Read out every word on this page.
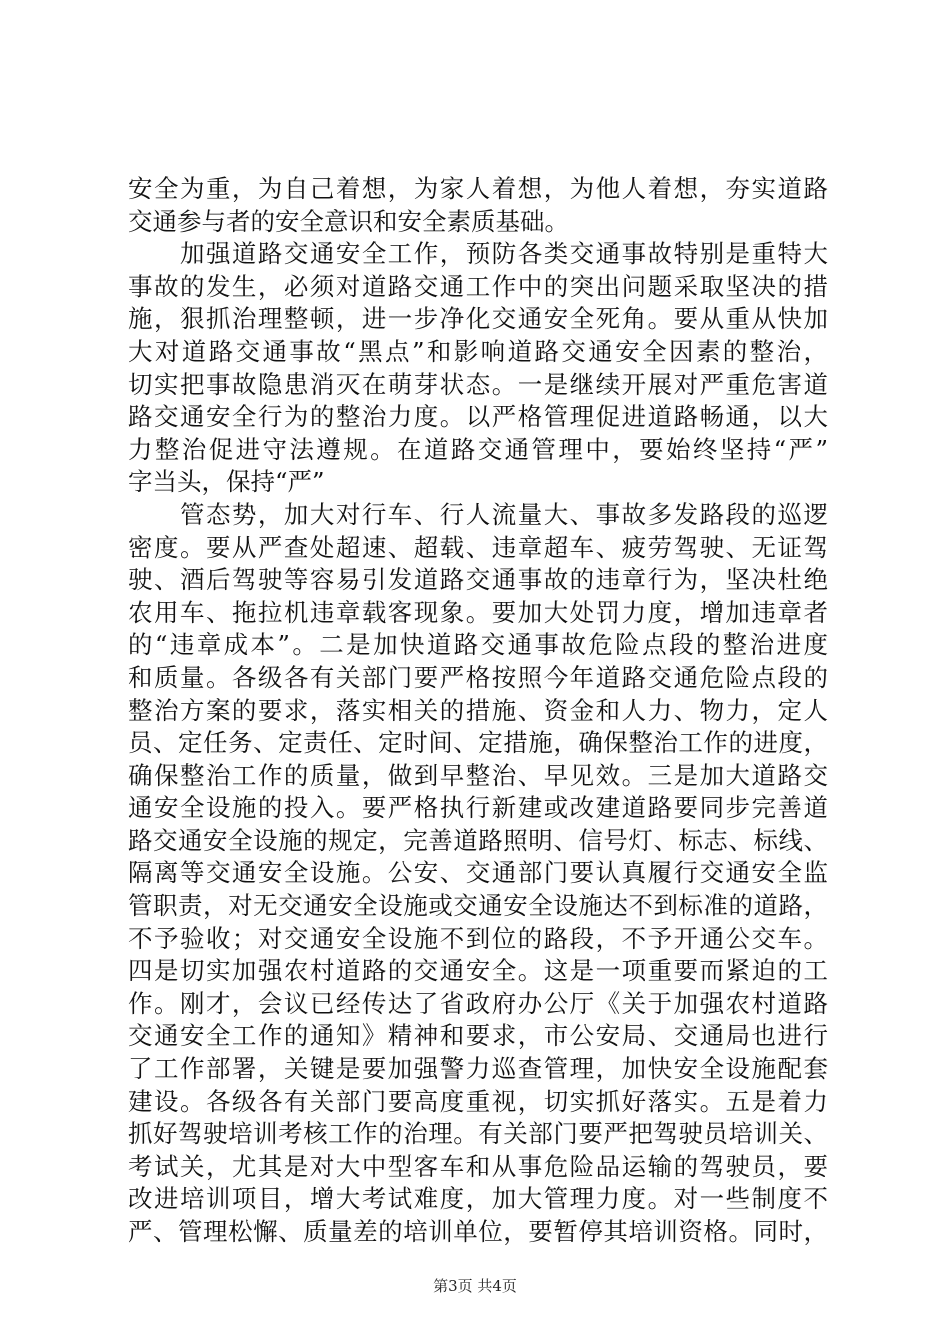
安全为重，为自己着想，为家人着想，为他人着想，夯实道路
交通参与者的安全意识和安全素质基础。
　　加强道路交通安全工作，预防各类交通事故特别是重特大
事故的发生，必须对道路交通工作中的突出问题采取坚决的措
施，狠抓治理整顿，进一步净化交通安全死角。要从重从快加
大对道路交通事故“黑点”和影响道路交通安全因素的整治，
切实把事故隐患消灭在萌芽状态。一是继续开展对严重危害道
路交通安全行为的整治力度。以严格管理促进道路畅通，以大
力整治促进守法遵规。在道路交通管理中，要始终坚持“严”
字当头，保持“严”
　　管态势，加大对行车、行人流量大、事故多发路段的巡逻
密度。要从严查处超速、超载、违章超车、疲劳驾驶、无证驾
驶、酒后驾驶等容易引发道路交通事故的违章行为，坚决杜绝
农用车、拖拉机违章载客现象。要加大处罚力度，增加违章者
的“违章成本”。二是加快道路交通事故危险点段的整治进度
和质量。各级各有关部门要严格按照今年道路交通危险点段的
整治方案的要求，落实相关的措施、资金和人力、物力，定人
员、定任务、定责任、定时间、定措施，确保整治工作的进度，
确保整治工作的质量，做到早整治、早见效。三是加大道路交
通安全设施的投入。要严格执行新建或改建道路要同步完善道
路交通安全设施的规定，完善道路照明、信号灯、标志、标线、
隔离等交通安全设施。公安、交通部门要认真履行交通安全监
管职责，对无交通安全设施或交通安全设施达不到标准的道路，
不予验收；对交通安全设施不到位的路段，不予开通公交车。
四是切实加强农村道路的交通安全。这是一项重要而紧迫的工
作。刚才，会议已经传达了省政府办公厅《关于加强农村道路
交通安全工作的通知》精神和要求，市公安局、交通局也进行
了工作部署，关键是要加强警力巡查管理，加快安全设施配套
建设。各级各有关部门要高度重视，切实抓好落实。五是着力
抓好驾驶培训考核工作的治理。有关部门要严把驾驶员培训关、
考试关，尤其是对大中型客车和从事危险品运输的驾驶员，要
改进培训项目，增大考试难度，加大管理力度。对一些制度不
严、管理松懈、质量差的培训单位，要暂停其培训资格。同时，
第3页 共4页
